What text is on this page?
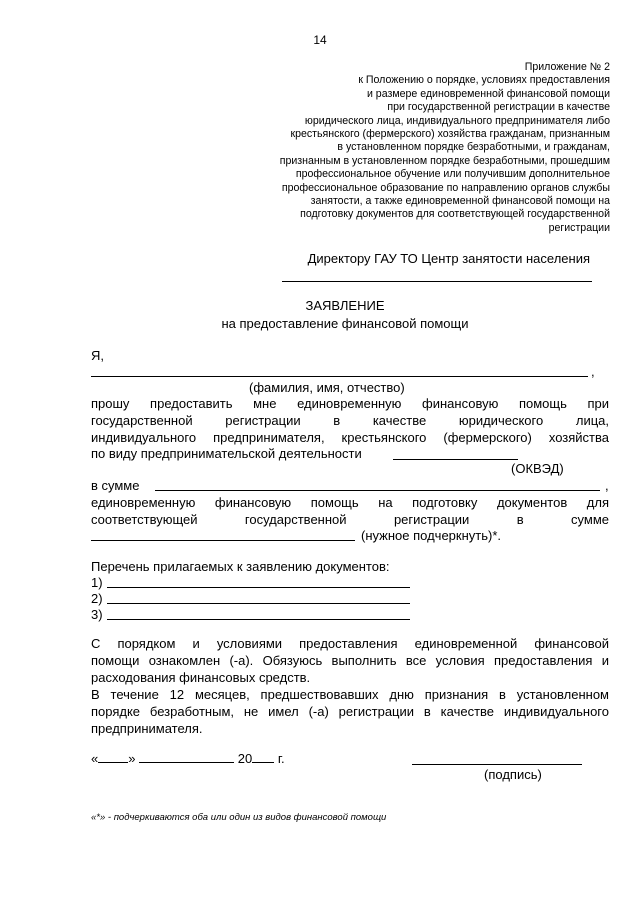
14
Приложение № 2
к Положению о порядке, условиях предоставления
и размере единовременной финансовой помощи
при государственной регистрации в качестве
юридического лица, индивидуального предпринимателя либо
крестьянского (фермерского) хозяйства гражданам, признанным
в установленном порядке безработными, и гражданам,
признанным в установленном порядке безработными, прошедшим
профессиональное обучение или получившим дополнительное
профессиональное образование по направлению органов службы
занятости, а также единовременной финансовой помощи на
подготовку документов для соответствующей государственной
регистрации
Директору ГАУ ТО Центр занятости населения
ЗАЯВЛЕНИЕ
на предоставление финансовой помощи
Я,
,
(фамилия, имя, отчество)
прошу предоставить мне единовременную финансовую помощь при
государственной регистрации в качестве юридического лица,
индивидуального предпринимателя, крестьянского (фермерского) хозяйства
по виду предпринимательской деятельности
(ОКВЭД)
в сумме	,
единовременную финансовую помощь на подготовку документов для
соответствующей государственной регистрации в сумме
(нужное подчеркнуть)*.
Перечень прилагаемых к заявлению документов:
1)
2)
3)
С порядком и условиями предоставления единовременной финансовой
помощи ознакомлен (-а). Обязуюсь выполнить все условия предоставления и
расходования финансовых средств.
В течение 12 месяцев, предшествовавших дню признания в установленном
порядке безработным, не имел (-а) регистрации в качестве индивидуального
предпринимателя.
« »	20 г.
(подпись)
«*» - подчеркиваются оба или один из видов финансовой помощи
